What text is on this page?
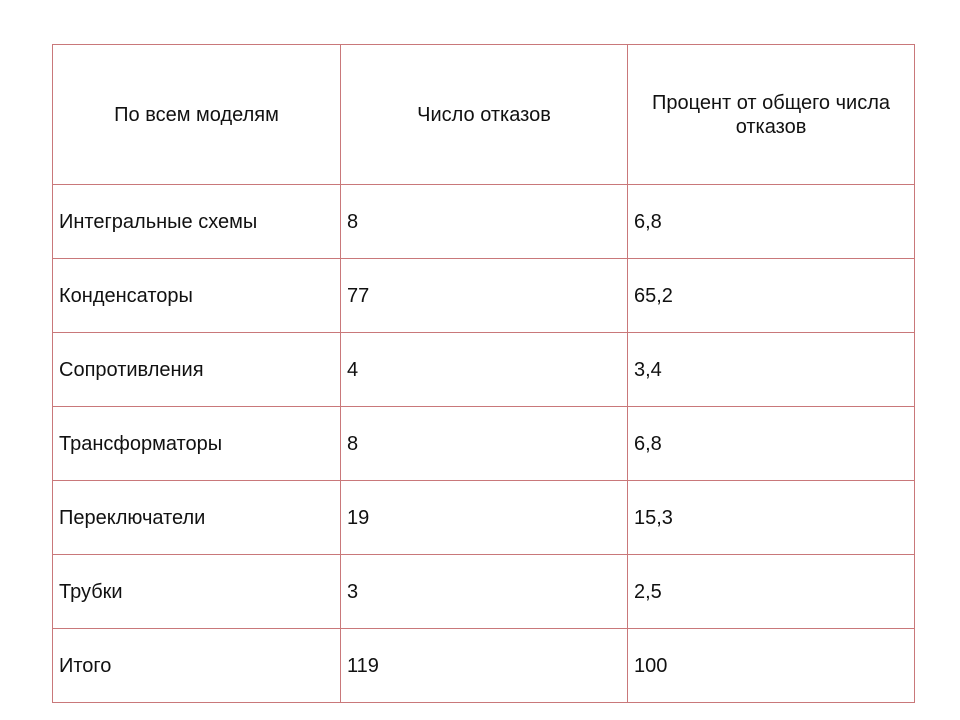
По всем моделям	Число отказов	Процент от общего числа отказов
Интегральные схемы	8	6,8
Конденсаторы	77	65,2
Сопротивления	4	3,4
Трансформаторы	8	6,8
Переключатели	19	15,3
Трубки	3	2,5
Итого	119	100
